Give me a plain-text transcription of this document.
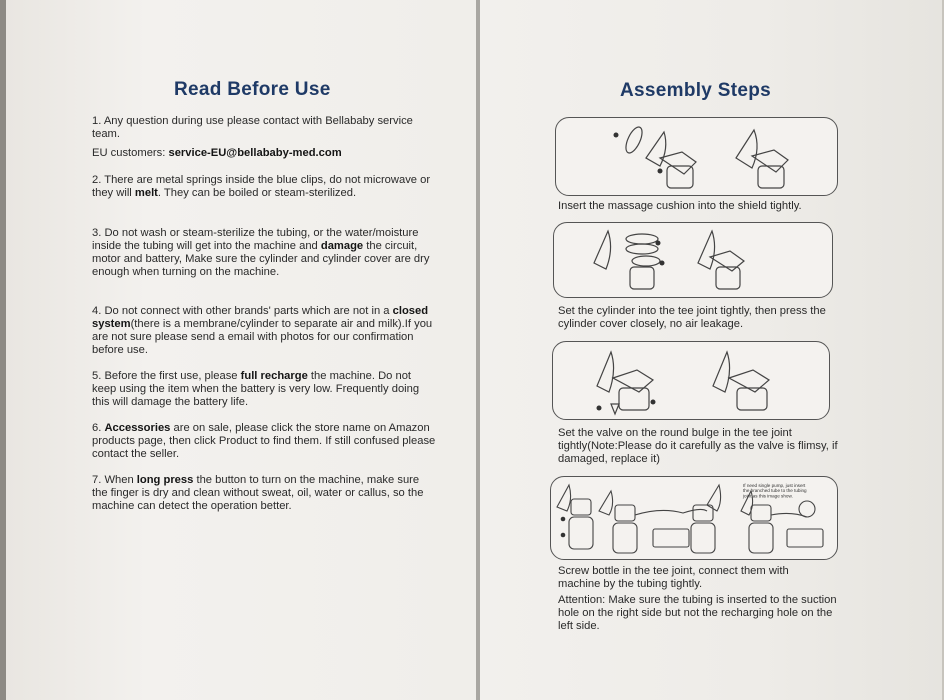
Read Before Use

1. Any question during use please contact with Bellababy service team.

EU customers: service-EU@bellababy-med.com

2. There are metal springs inside the blue clips, do not microwave or they will melt. They can be boiled or steam-sterilized.

3. Do not wash or steam-sterilize the tubing, or the water/moisture inside the tubing will get into the machine and damage the circuit, motor and battery, Make sure the cylinder and cylinder cover are dry enough when turning on the machine.

4. Do not connect with other brands' parts which are not in a closed system(there is a membrane/cylinder to separate air and milk).If you are not sure please send a email with photos for our confirmation before use.

5. Before the first use, please full recharge the machine. Do not keep using the item when the battery is very low. Frequently doing this will damage the battery life.

6. Accessories are on sale, please click the store name on Amazon products page, then click Product to find them. If still confused please contact the seller.

7. When long press the button to turn on the machine, make sure the finger is dry and clean without sweat, oil, water or callus, so the machine can detect the operation better.

Assembly Steps

Insert the massage cushion into the shield tightly.

Set the cylinder into the tee joint tightly, then press the cylinder cover closely, no air leakage.

Set the valve on the round bulge in the tee joint tightly(Note:Please do it carefully as the valve is flimsy, if damaged, replace it)

If need single pump, just insert the branched tube to the tubing joint as this image show.

Screw bottle in the tee joint, connect them with machine by the tubing tightly.

Attention: Make sure the tubing is inserted to the suction hole on the right side but not the recharging hole on the left side.
